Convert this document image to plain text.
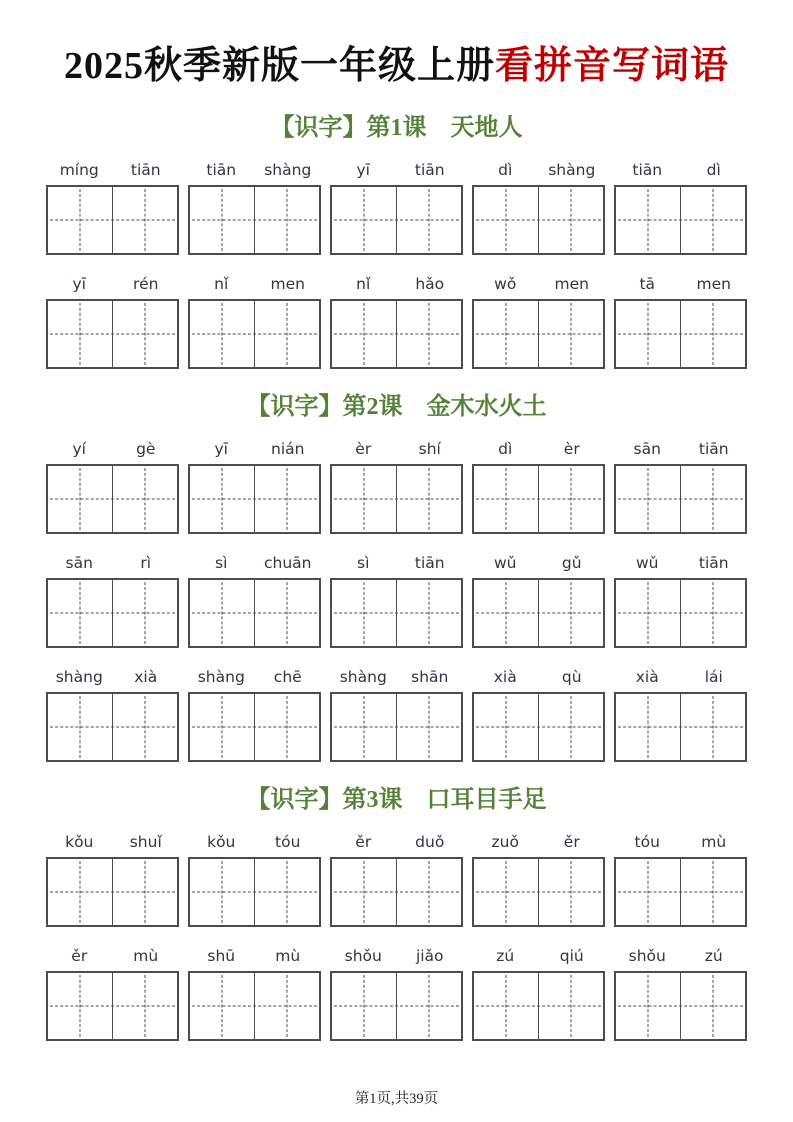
2025秋季新版一年级上册看拼音写词语
【识字】第1课　天地人
míng	tiān	tiān	shàng	yī	tiān	dì	shàng	tiān	dì
yī	rén	nǐ	men	nǐ	hǎo	wǒ	men	tā	men
【识字】第2课　金木水火土
yí	gè	yī	nián	èr	shí	dì	èr	sān	tiān
sān	rì	sì	chuān	sì	tiān	wǔ	gǔ	wǔ	tiān
shàng	xià	shàng	chē	shàng	shān	xià	qù	xià	lái
【识字】第3课　口耳目手足
kǒu	shuǐ	kǒu	tóu	ěr	duǒ	zuǒ	ěr	tóu	mù
ěr	mù	shū	mù	shǒu	jiǎo	zú	qiú	shǒu	zú
第1页,共39页
